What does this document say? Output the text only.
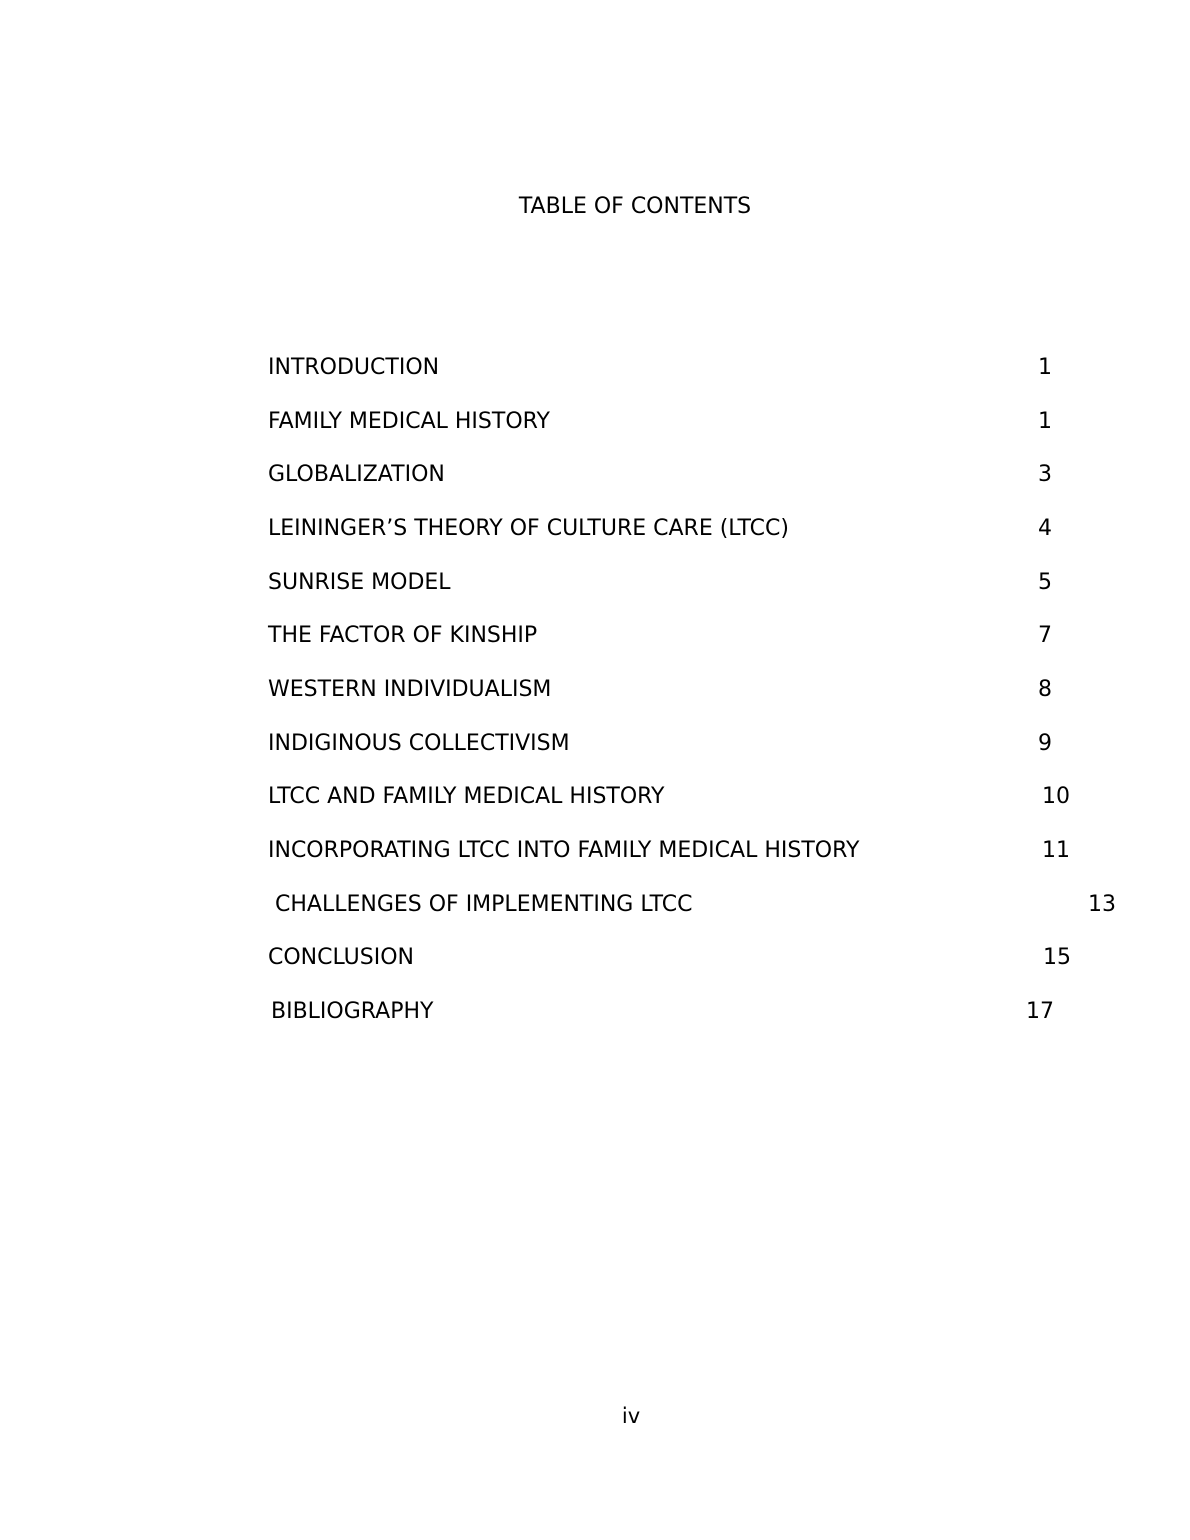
TABLE OF CONTENTS
INTRODUCTION	1
FAMILY MEDICAL HISTORY	1
GLOBALIZATION	3
LEININGER’S THEORY OF CULTURE CARE (LTCC)	4
SUNRISE MODEL	5
THE FACTOR OF KINSHIP	7
WESTERN INDIVIDUALISM	8
INDIGINOUS COLLECTIVISM	9
LTCC AND FAMILY MEDICAL HISTORY	10
INCORPORATING LTCC INTO FAMILY MEDICAL HISTORY	11
CHALLENGES OF IMPLEMENTING LTCC	13
CONCLUSION	15
BIBLIOGRAPHY	17
iv
